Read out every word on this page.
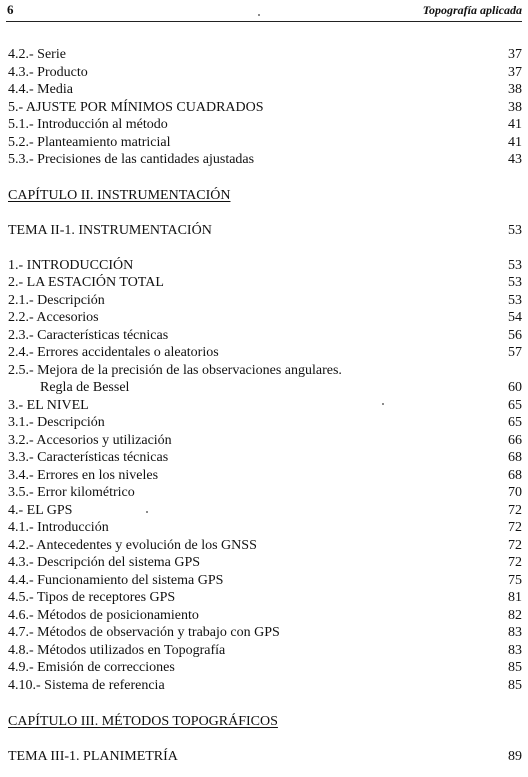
6	Topografía aplicada
4.2.- Serie	37
4.3.- Producto	37
4.4.- Media	38
5.- AJUSTE POR MÍNIMOS CUADRADOS	38
5.1.- Introducción al método	41
5.2.- Planteamiento matricial	41
5.3.- Precisiones de las cantidades ajustadas	43
CAPÍTULO II. INSTRUMENTACIÓN
TEMA II-1. INSTRUMENTACIÓN	53
1.- INTRODUCCIÓN	53
2.- LA ESTACIÓN TOTAL	53
2.1.- Descripción	53
2.2.- Accesorios	54
2.3.- Características técnicas	56
2.4.- Errores accidentales o aleatorios	57
2.5.- Mejora de la precisión de las observaciones angulares.
Regla de Bessel	60
3.- EL NIVEL	65
3.1.- Descripción	65
3.2.- Accesorios y utilización	66
3.3.- Características técnicas	68
3.4.- Errores en los niveles	68
3.5.- Error kilométrico	70
4.- EL GPS	72
4.1.- Introducción	72
4.2.- Antecedentes y evolución de los GNSS	72
4.3.- Descripción del sistema GPS	72
4.4.- Funcionamiento del sistema GPS	75
4.5.- Tipos de receptores GPS	81
4.6.- Métodos de posicionamiento	82
4.7.- Métodos de observación y trabajo con GPS	83
4.8.- Métodos utilizados en Topografía	83
4.9.- Emisión de correcciones	85
4.10.- Sistema de referencia	85
CAPÍTULO III. MÉTODOS TOPOGRÁFICOS
TEMA III-1. PLANIMETRÍA	89
